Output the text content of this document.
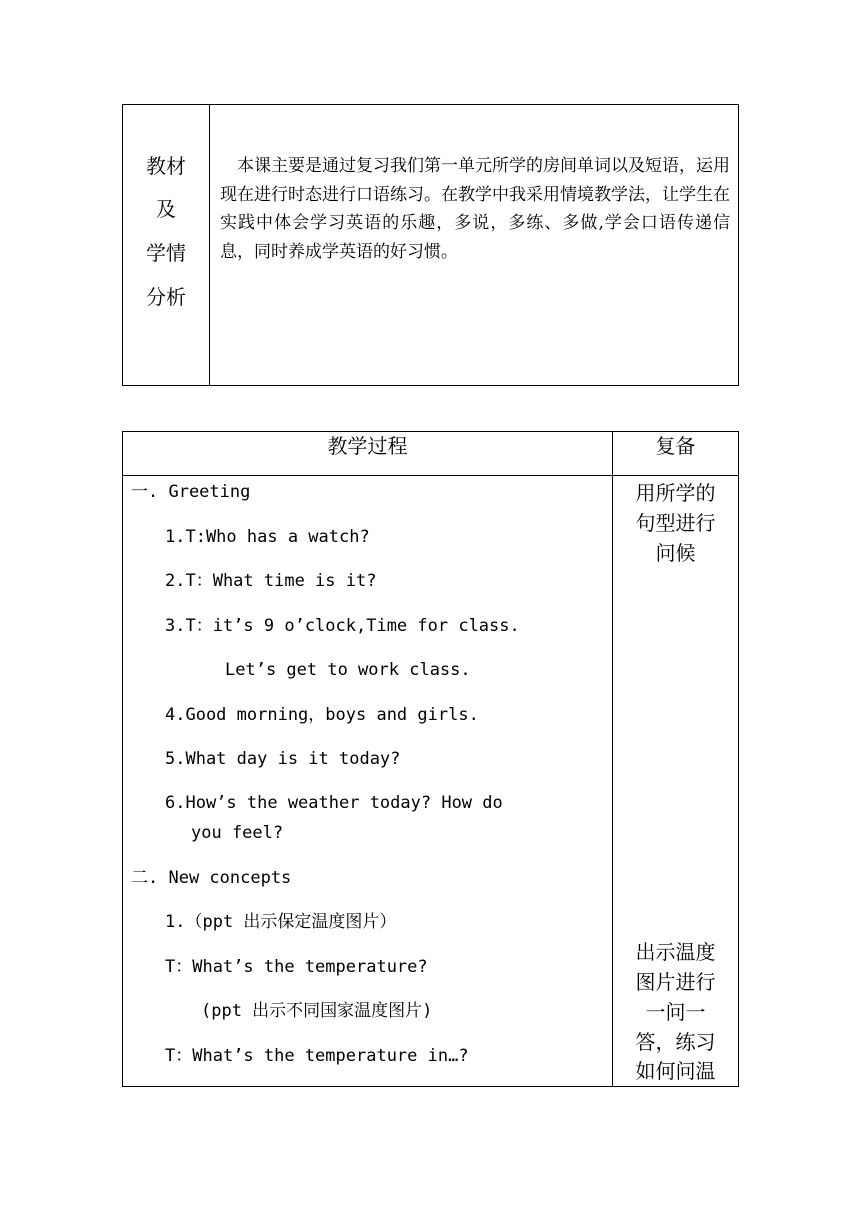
教材
及
学情
分析
本课主要是通过复习我们第一单元所学的房间单词以及短语，运用现在进行时态进行口语练习。在教学中我采用情境教学法，让学生在实践中体会学习英语的乐趣，多说，多练、多做,学会口语传递信息，同时养成学英语的好习惯。
教学过程	复备
一. Greeting
1.T:Who has a watch?
2.T：What time is it?
3.T：it’s 9 o’clock,Time for class.
Let’s get to work class.
4.Good morning，boys and girls.
5.What day is it today?
6.How’s the weather today? How do
you feel?
二. New concepts
1.（ppt 出示保定温度图片）
T：What’s the temperature?
(ppt 出示不同国家温度图片)
T：What’s the temperature in…?
用所学的
句型进行
问候
出示温度
图片进行
一问一
答，练习
如何问温
